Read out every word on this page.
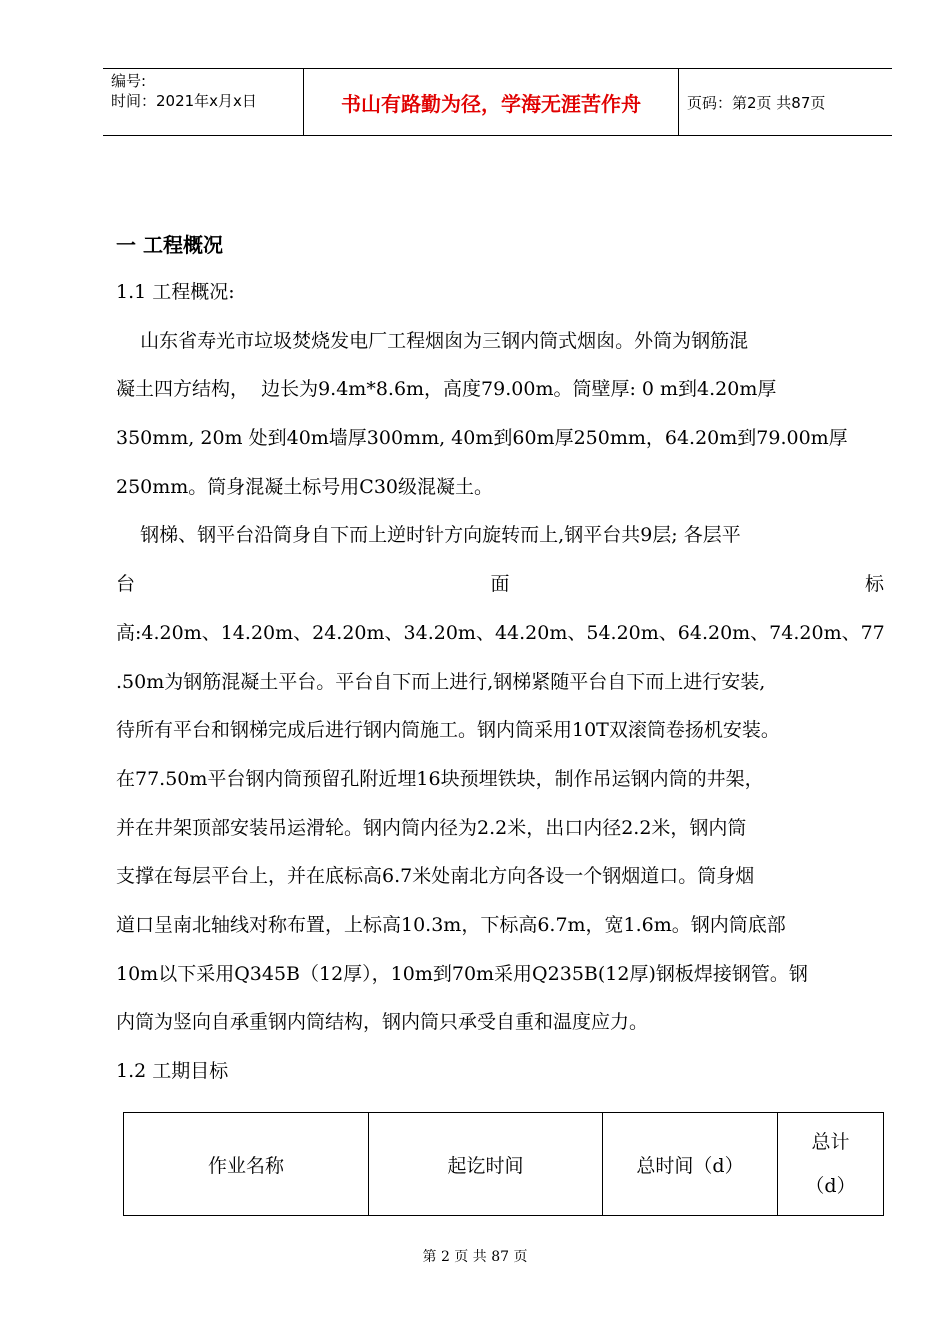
编号:
时间：2021年x月x日	书山有路勤为径，学海无涯苦作舟	页码：第2页 共87页
一 工程概况
1.1 工程概况:
山东省寿光市垃圾焚烧发电厂工程烟囱为三钢内筒式烟囱。外筒为钢筋混
凝土四方结构，  边长为9.4m*8.6m，高度79.00m。筒壁厚: 0 m到4.20m厚
350mm, 20m 处到40m墙厚300mm, 40m到60m厚250mm，64.20m到79.00m厚
250mm。筒身混凝土标号用C30级混凝土。
钢梯、钢平台沿筒身自下而上逆时针方向旋转而上,钢平台共9层; 各层平
台	面	标
高:4.20m、14.20m、24.20m、34.20m、44.20m、54.20m、64.20m、74.20m、77
.50m为钢筋混凝土平台。平台自下而上进行,钢梯紧随平台自下而上进行安装,
待所有平台和钢梯完成后进行钢内筒施工。钢内筒采用10T双滚筒卷扬机安装。
在77.50m平台钢内筒预留孔附近埋16块预埋铁块，制作吊运钢内筒的井架，
并在井架顶部安装吊运滑轮。钢内筒内径为2.2米，出口内径2.2米，钢内筒
支撑在每层平台上，并在底标高6.7米处南北方向各设一个钢烟道口。筒身烟
道口呈南北轴线对称布置，上标高10.3m，下标高6.7m，宽1.6m。钢内筒底部
10m以下采用Q345B（12厚），10m到70m采用Q235B(12厚)钢板焊接钢管。钢
内筒为竖向自承重钢内筒结构，钢内筒只承受自重和温度应力。
1.2 工期目标
作业名称	起讫时间	总时间（d）	
总计
（d）
第 2 页 共 87 页
